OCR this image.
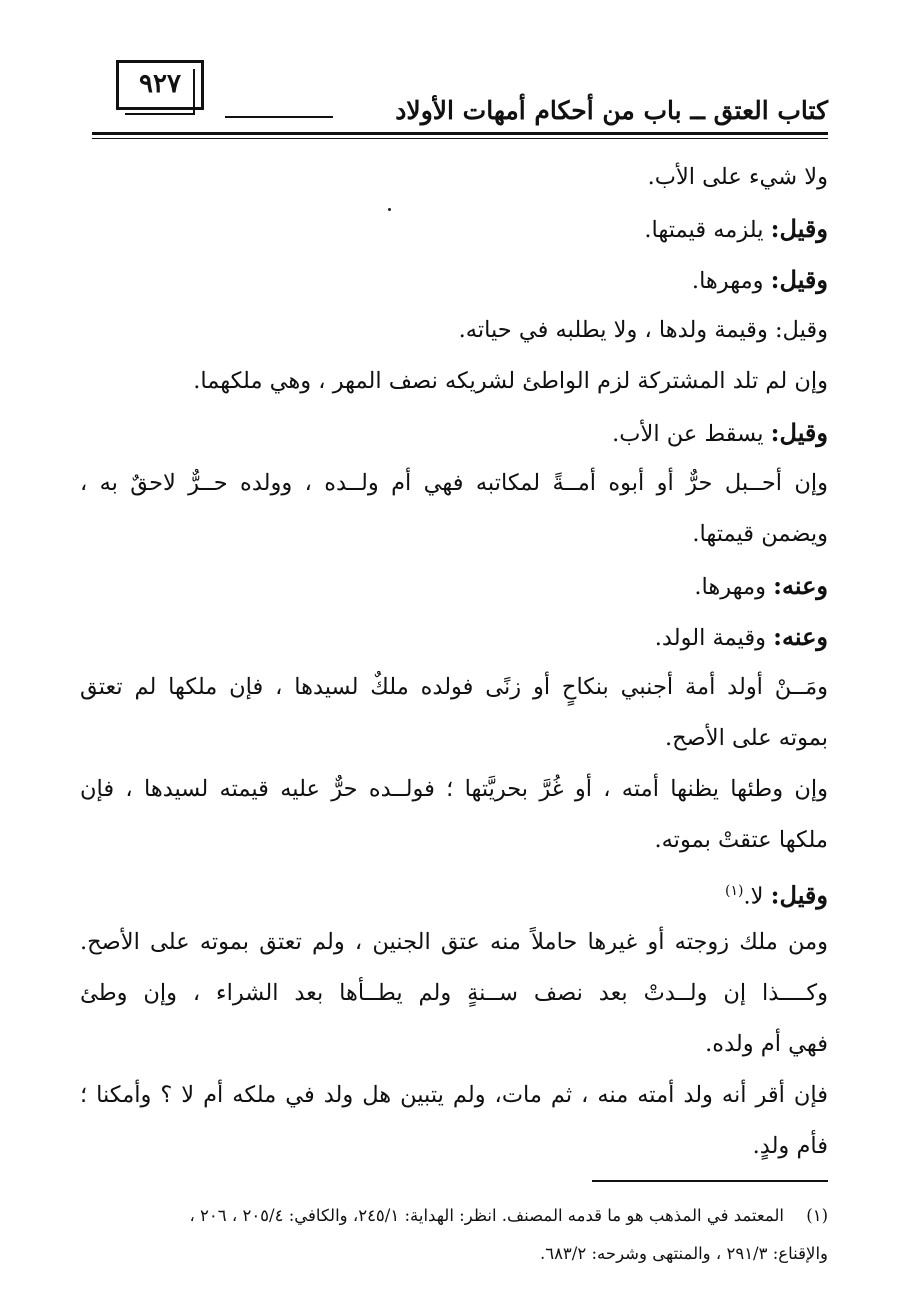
٩٢٧
كتاب العتق ــ باب من أحكام أمهات الأولاد
ولا شيء على الأب.
وقيل: يلزمه قيمتها.
وقيل: ومهرها.
وقيل: وقيمة ولدها ، ولا يطلبه في حياته.
وإن لم تلد المشتركة لزم الواطئ لشريكه نصف المهر ، وهي ملكهما.
وقيل: يسقط عن الأب.
وإن أحــبل حرٌّ أو أبوه أمــةً لمكاتبه فهي أم ولــده ، وولده حــرٌّ لاحقٌ به ،
ويضمن قيمتها.
وعنه: ومهرها.
وعنه: وقيمة الولد.
ومَــنْ أولد أمة أجنبي بنكاحٍ أو زنًى فولده ملكٌ لسيدها ، فإن ملكها لم تعتق
بموته على الأصح.
وإن وطئها يظنها أمته ، أو غُرَّ بحريَّتها ؛ فولــده حرٌّ عليه قيمته لسيدها ، فإن
ملكها عتقتْ بموته.
وقيل: لا.$^{(١)}$
ومن ملك زوجته أو غيرها حاملاً منه عتق الجنين ، ولم تعتق بموته على الأصح.
وكــــذا إن ولــدتْ بعد نصف ســنةٍ ولم يطــأها بعد الشراء ، وإن وطئ
فهي أم ولده.
فإن أقر أنه ولد أمته منه ، ثم مات، ولم يتبين هل ولد في ملكه أم لا ؟ وأمكنا ؛
فأم ولدٍ.
(١)المعتمد في المذهب هو ما قدمه المصنف. انظر: الهداية: ٢٤٥/١، والكافي: ٢٠٥/٤ ، ٢٠٦ ،
والإقناع: ٢٩١/٣ ، والمنتهى وشرحه: ٦٨٣/٢.
